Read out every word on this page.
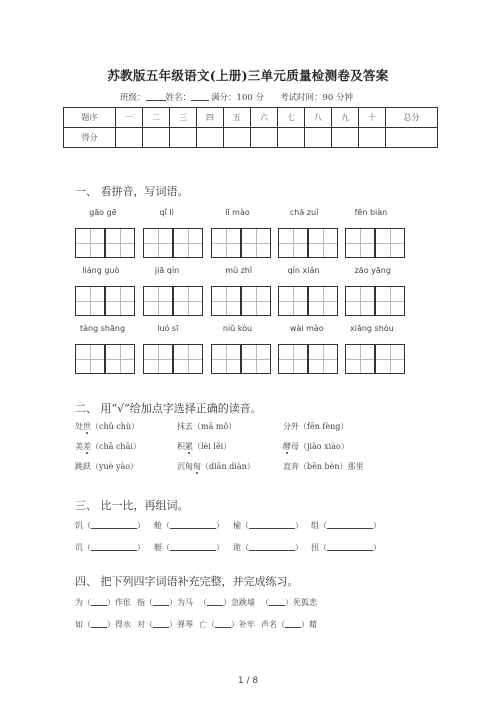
苏教版五年级语文(上册)三单元质量检测卷及答案
班级： 姓名： 满分：100 分 考试时间：90 分钟
题序	一	二	三	四	五	六	七	八	九	十	总分
得分											
一、 看拼音，写词语。
gāo gē	qǐ lì	lǐ mào	chā zuǐ	fēn biàn
liáng guò	jiā qín	mǔ zhǐ	qín xián	zāo yāng
tàng shāng	luó sī	niǔ kòu	wài mào	xiǎng shòu
二、 用“√”给加点字选择正确的读音。
处世（chǔ chù）	抹去（mā mǒ）	分外（fēn fèng）
美差（chā chāi）	积累（lèi lěi）	酵母（jiào xiào）
跳跃（yuè yào）	沉甸甸（diān diàn）	直奔（bēn bèn）那里
三、 比一比，再组词。
饥（	） 舱（	） 榆（	） 组（	）
讥（	） 艇（	） 诡（	） 扭（	）
四、 把下列四字词语补充完整，并完成练习。
为（ ）作伥 指（ ）为马 （ ）急跳墙 （ ）死狐悲
如（ ）得水 对（ ）弹琴 亡（ ）补牢 声名（ ）藉
1 / 8
